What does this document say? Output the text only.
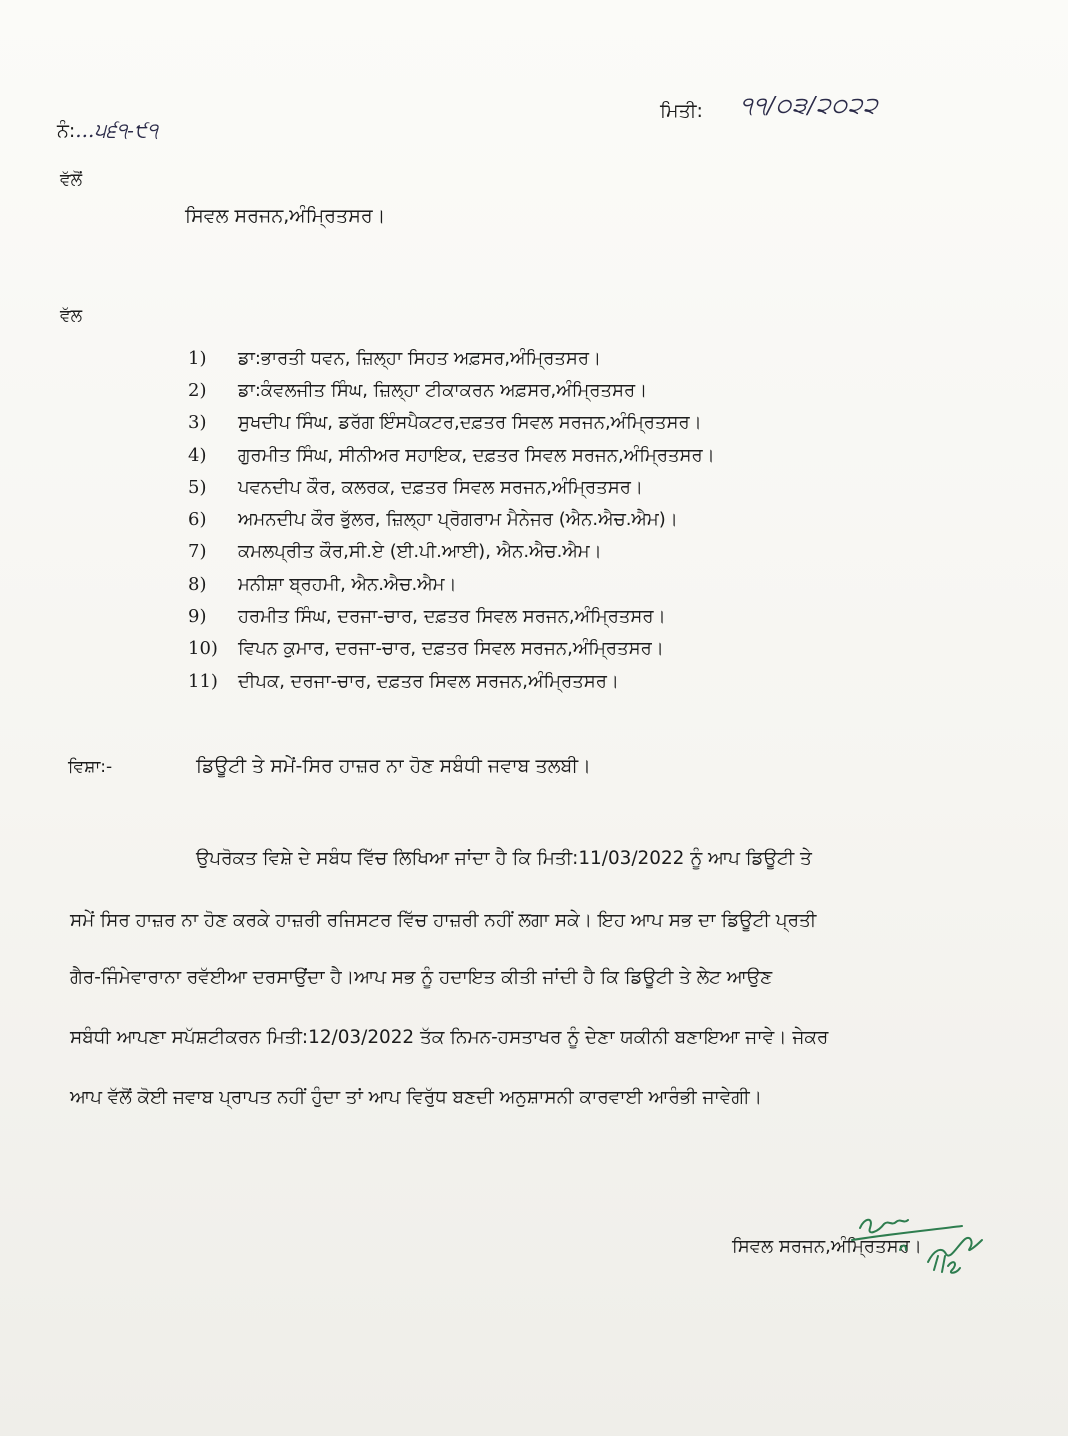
ਨੰ:...੫੬੧-੯੧
ਮਿਤੀ: ੧੧/੦੩/੨੦੨੨
ਵੱਲੋਂ
ਸਿਵਲ ਸਰਜਨ,ਅੰਮ੍ਰਿਤਸਰ।
ਵੱਲ
1)	ਡਾ:ਭਾਰਤੀ ਧਵਨ, ਜ਼ਿਲ੍ਹਾ ਸਿਹਤ ਅਫ਼ਸਰ,ਅੰਮ੍ਰਿਤਸਰ।
2)	ਡਾ:ਕੰਵਲਜੀਤ ਸਿੰਘ, ਜ਼ਿਲ੍ਹਾ ਟੀਕਾਕਰਨ ਅਫ਼ਸਰ,ਅੰਮ੍ਰਿਤਸਰ।
3)	ਸੁਖਦੀਪ ਸਿੰਘ, ਡਰੱਗ ਇੰਸਪੈਕਟਰ,ਦਫ਼ਤਰ ਸਿਵਲ ਸਰਜਨ,ਅੰਮ੍ਰਿਤਸਰ।
4)	ਗੁਰਮੀਤ ਸਿੰਘ, ਸੀਨੀਅਰ ਸਹਾਇਕ, ਦਫ਼ਤਰ ਸਿਵਲ ਸਰਜਨ,ਅੰਮ੍ਰਿਤਸਰ।
5)	ਪਵਨਦੀਪ ਕੌਰ, ਕਲਰਕ, ਦਫ਼ਤਰ ਸਿਵਲ ਸਰਜਨ,ਅੰਮ੍ਰਿਤਸਰ।
6)	ਅਮਨਦੀਪ ਕੌਰ ਭੁੱਲਰ, ਜ਼ਿਲ੍ਹਾ ਪ੍ਰੋਗਰਾਮ ਮੈਨੇਜਰ (ਐਨ.ਐਚ.ਐਮ)।
7)	ਕਮਲਪ੍ਰੀਤ ਕੌਰ,ਸੀ.ਏ (ਈ.ਪੀ.ਆਈ), ਐਨ.ਐਚ.ਐਮ।
8)	ਮਨੀਸ਼ਾ ਬ੍ਰਹਮੀ, ਐਨ.ਐਚ.ਐਮ।
9)	ਹਰਮੀਤ ਸਿੰਘ, ਦਰਜਾ-ਚਾਰ, ਦਫ਼ਤਰ ਸਿਵਲ ਸਰਜਨ,ਅੰਮ੍ਰਿਤਸਰ।
10)	ਵਿਪਨ ਕੁਮਾਰ, ਦਰਜਾ-ਚਾਰ, ਦਫ਼ਤਰ ਸਿਵਲ ਸਰਜਨ,ਅੰਮ੍ਰਿਤਸਰ।
11)	ਦੀਪਕ, ਦਰਜਾ-ਚਾਰ, ਦਫ਼ਤਰ ਸਿਵਲ ਸਰਜਨ,ਅੰਮ੍ਰਿਤਸਰ।
ਵਿਸ਼ਾ:-	ਡਿਊਟੀ ਤੇ ਸਮੇਂ-ਸਿਰ ਹਾਜ਼ਰ ਨਾ ਹੋਣ ਸਬੰਧੀ ਜਵਾਬ ਤਲਬੀ।
ਉਪਰੋਕਤ ਵਿਸ਼ੇ ਦੇ ਸਬੰਧ ਵਿੱਚ ਲਿਖਿਆ ਜਾਂਦਾ ਹੈ ਕਿ ਮਿਤੀ:11/03/2022 ਨੂੰ ਆਪ ਡਿਊਟੀ ਤੇ
ਸਮੇਂ ਸਿਰ ਹਾਜ਼ਰ ਨਾ ਹੋਣ ਕਰਕੇ ਹਾਜ਼ਰੀ ਰਜਿਸਟਰ ਵਿੱਚ ਹਾਜ਼ਰੀ ਨਹੀਂ ਲਗਾ ਸਕੇ। ਇਹ ਆਪ ਸਭ ਦਾ ਡਿਊਟੀ ਪ੍ਰਤੀ
ਗੈਰ-ਜਿੰਮੇਵਾਰਾਨਾ ਰਵੱਈਆ ਦਰਸਾਉਂਦਾ ਹੈ।ਆਪ ਸਭ ਨੂੰ ਹਦਾਇਤ ਕੀਤੀ ਜਾਂਦੀ ਹੈ ਕਿ ਡਿਊਟੀ ਤੇ ਲੇਟ ਆਉਣ
ਸਬੰਧੀ ਆਪਣਾ ਸਪੱਸ਼ਟੀਕਰਨ ਮਿਤੀ:12/03/2022 ਤੱਕ ਨਿਮਨ-ਹਸਤਾਖਰ ਨੂੰ ਦੇਣਾ ਯਕੀਨੀ ਬਣਾਇਆ ਜਾਵੇ। ਜੇਕਰ
ਆਪ ਵੱਲੋਂ ਕੋਈ ਜਵਾਬ ਪ੍ਰਾਪਤ ਨਹੀਂ ਹੁੰਦਾ ਤਾਂ ਆਪ ਵਿਰੁੱਧ ਬਣਦੀ ਅਨੁਸ਼ਾਸਨੀ ਕਾਰਵਾਈ ਆਰੰਭੀ ਜਾਵੇਗੀ।
ਸਿਵਲ ਸਰਜਨ,ਅੰਮ੍ਰਿਤਸਰ।
